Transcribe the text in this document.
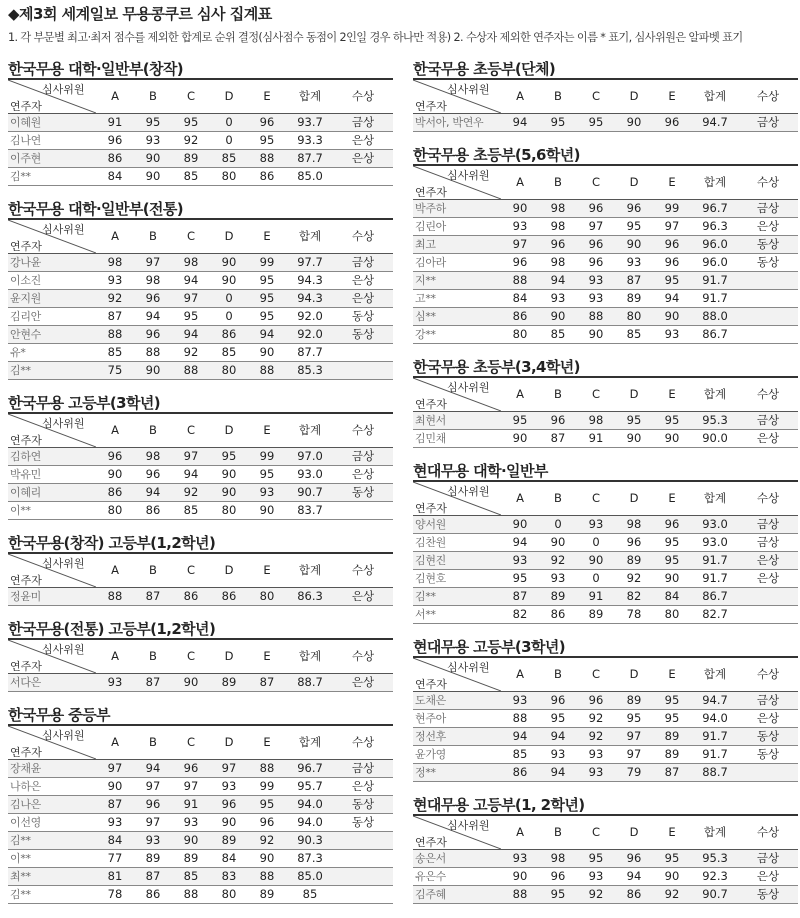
◆제3회 세계일보 무용콩쿠르 심사 집계표
1. 각 부문별 최고·최저 점수를 제외한 합계로 순위 결정(심사점수 동점이 2인일 경우 하나만 적용) 2. 수상자 제외한 연주자는 이름 * 표기, 심사위원은 알파벳 표기
한국무용 대학·일반부(창작)
심사위원
연주자
A	B	C	D	E	합계	수상
이혜원	91	95	95	0	96	93.7	금상
김나연	96	93	92	0	95	93.3	은상
이주현	86	90	89	85	88	87.7	은상
김**	84	90	85	80	86	85.0
한국무용 대학·일반부(전통)
심사위원
연주자
A	B	C	D	E	합계	수상
강나윤	98	97	98	90	99	97.7	금상
이소진	93	98	94	90	95	94.3	은상
윤지원	92	96	97	0	95	94.3	은상
김리안	87	94	95	0	95	92.0	동상
안현수	88	96	94	86	94	92.0	동상
유*	85	88	92	85	90	87.7
김**	75	90	88	80	88	85.3
한국무용 고등부(3학년)
심사위원
연주자
A	B	C	D	E	합계	수상
김하연	96	98	97	95	99	97.0	금상
박유민	90	96	94	90	95	93.0	은상
이혜리	86	94	92	90	93	90.7	동상
이**	80	86	85	80	90	83.7
한국무용(창작) 고등부(1,2학년)
심사위원
연주자
A	B	C	D	E	합계	수상
정윤미	88	87	86	86	80	86.3	은상
한국무용(전통) 고등부(1,2학년)
심사위원
연주자
A	B	C	D	E	합계	수상
서다은	93	87	90	89	87	88.7	은상
한국무용 중등부
심사위원
연주자
A	B	C	D	E	합계	수상
장채윤	97	94	96	97	88	96.7	금상
나하은	90	97	97	93	99	95.7	은상
김나은	87	96	91	96	95	94.0	동상
이선영	93	97	93	90	96	94.0	동상
김**	84	93	90	89	92	90.3
이**	77	89	89	84	90	87.3
최**	81	87	85	83	88	85.0
김**	78	86	88	80	89	85
한국무용 초등부(단체)
심사위원
연주자
A	B	C	D	E	합계	수상
박서아, 박연우	94	95	95	90	96	94.7	금상
한국무용 초등부(5,6학년)
심사위원
연주자
A	B	C	D	E	합계	수상
박주하	90	98	96	96	99	96.7	금상
김린아	93	98	97	95	97	96.3	은상
최고	97	96	96	90	96	96.0	동상
김아라	96	98	96	93	96	96.0	동상
지**	88	94	93	87	95	91.7
고**	84	93	93	89	94	91.7
심**	86	90	88	80	90	88.0
강**	80	85	90	85	93	86.7
한국무용 초등부(3,4학년)
심사위원
연주자
A	B	C	D	E	합계	수상
최현서	95	96	98	95	95	95.3	금상
김민채	90	87	91	90	90	90.0	은상
현대무용 대학·일반부
심사위원
연주자
A	B	C	D	E	합계	수상
양서원	90	0	93	98	96	93.0	금상
김찬원	94	90	0	96	95	93.0	금상
김현진	93	92	90	89	95	91.7	은상
김현호	95	93	0	92	90	91.7	은상
김**	87	89	91	82	84	86.7
서**	82	86	89	78	80	82.7
현대무용 고등부(3학년)
심사위원
연주자
A	B	C	D	E	합계	수상
도채은	93	96	96	89	95	94.7	금상
현주아	88	95	92	95	95	94.0	은상
정선후	94	94	92	97	89	91.7	동상
윤가영	85	93	93	97	89	91.7	동상
정**	86	94	93	79	87	88.7
현대무용 고등부(1, 2학년)
심사위원
연주자
A	B	C	D	E	합계	수상
송은서	93	98	95	96	95	95.3	금상
유은수	90	96	93	94	90	92.3	은상
김주혜	88	95	92	86	92	90.7	동상
